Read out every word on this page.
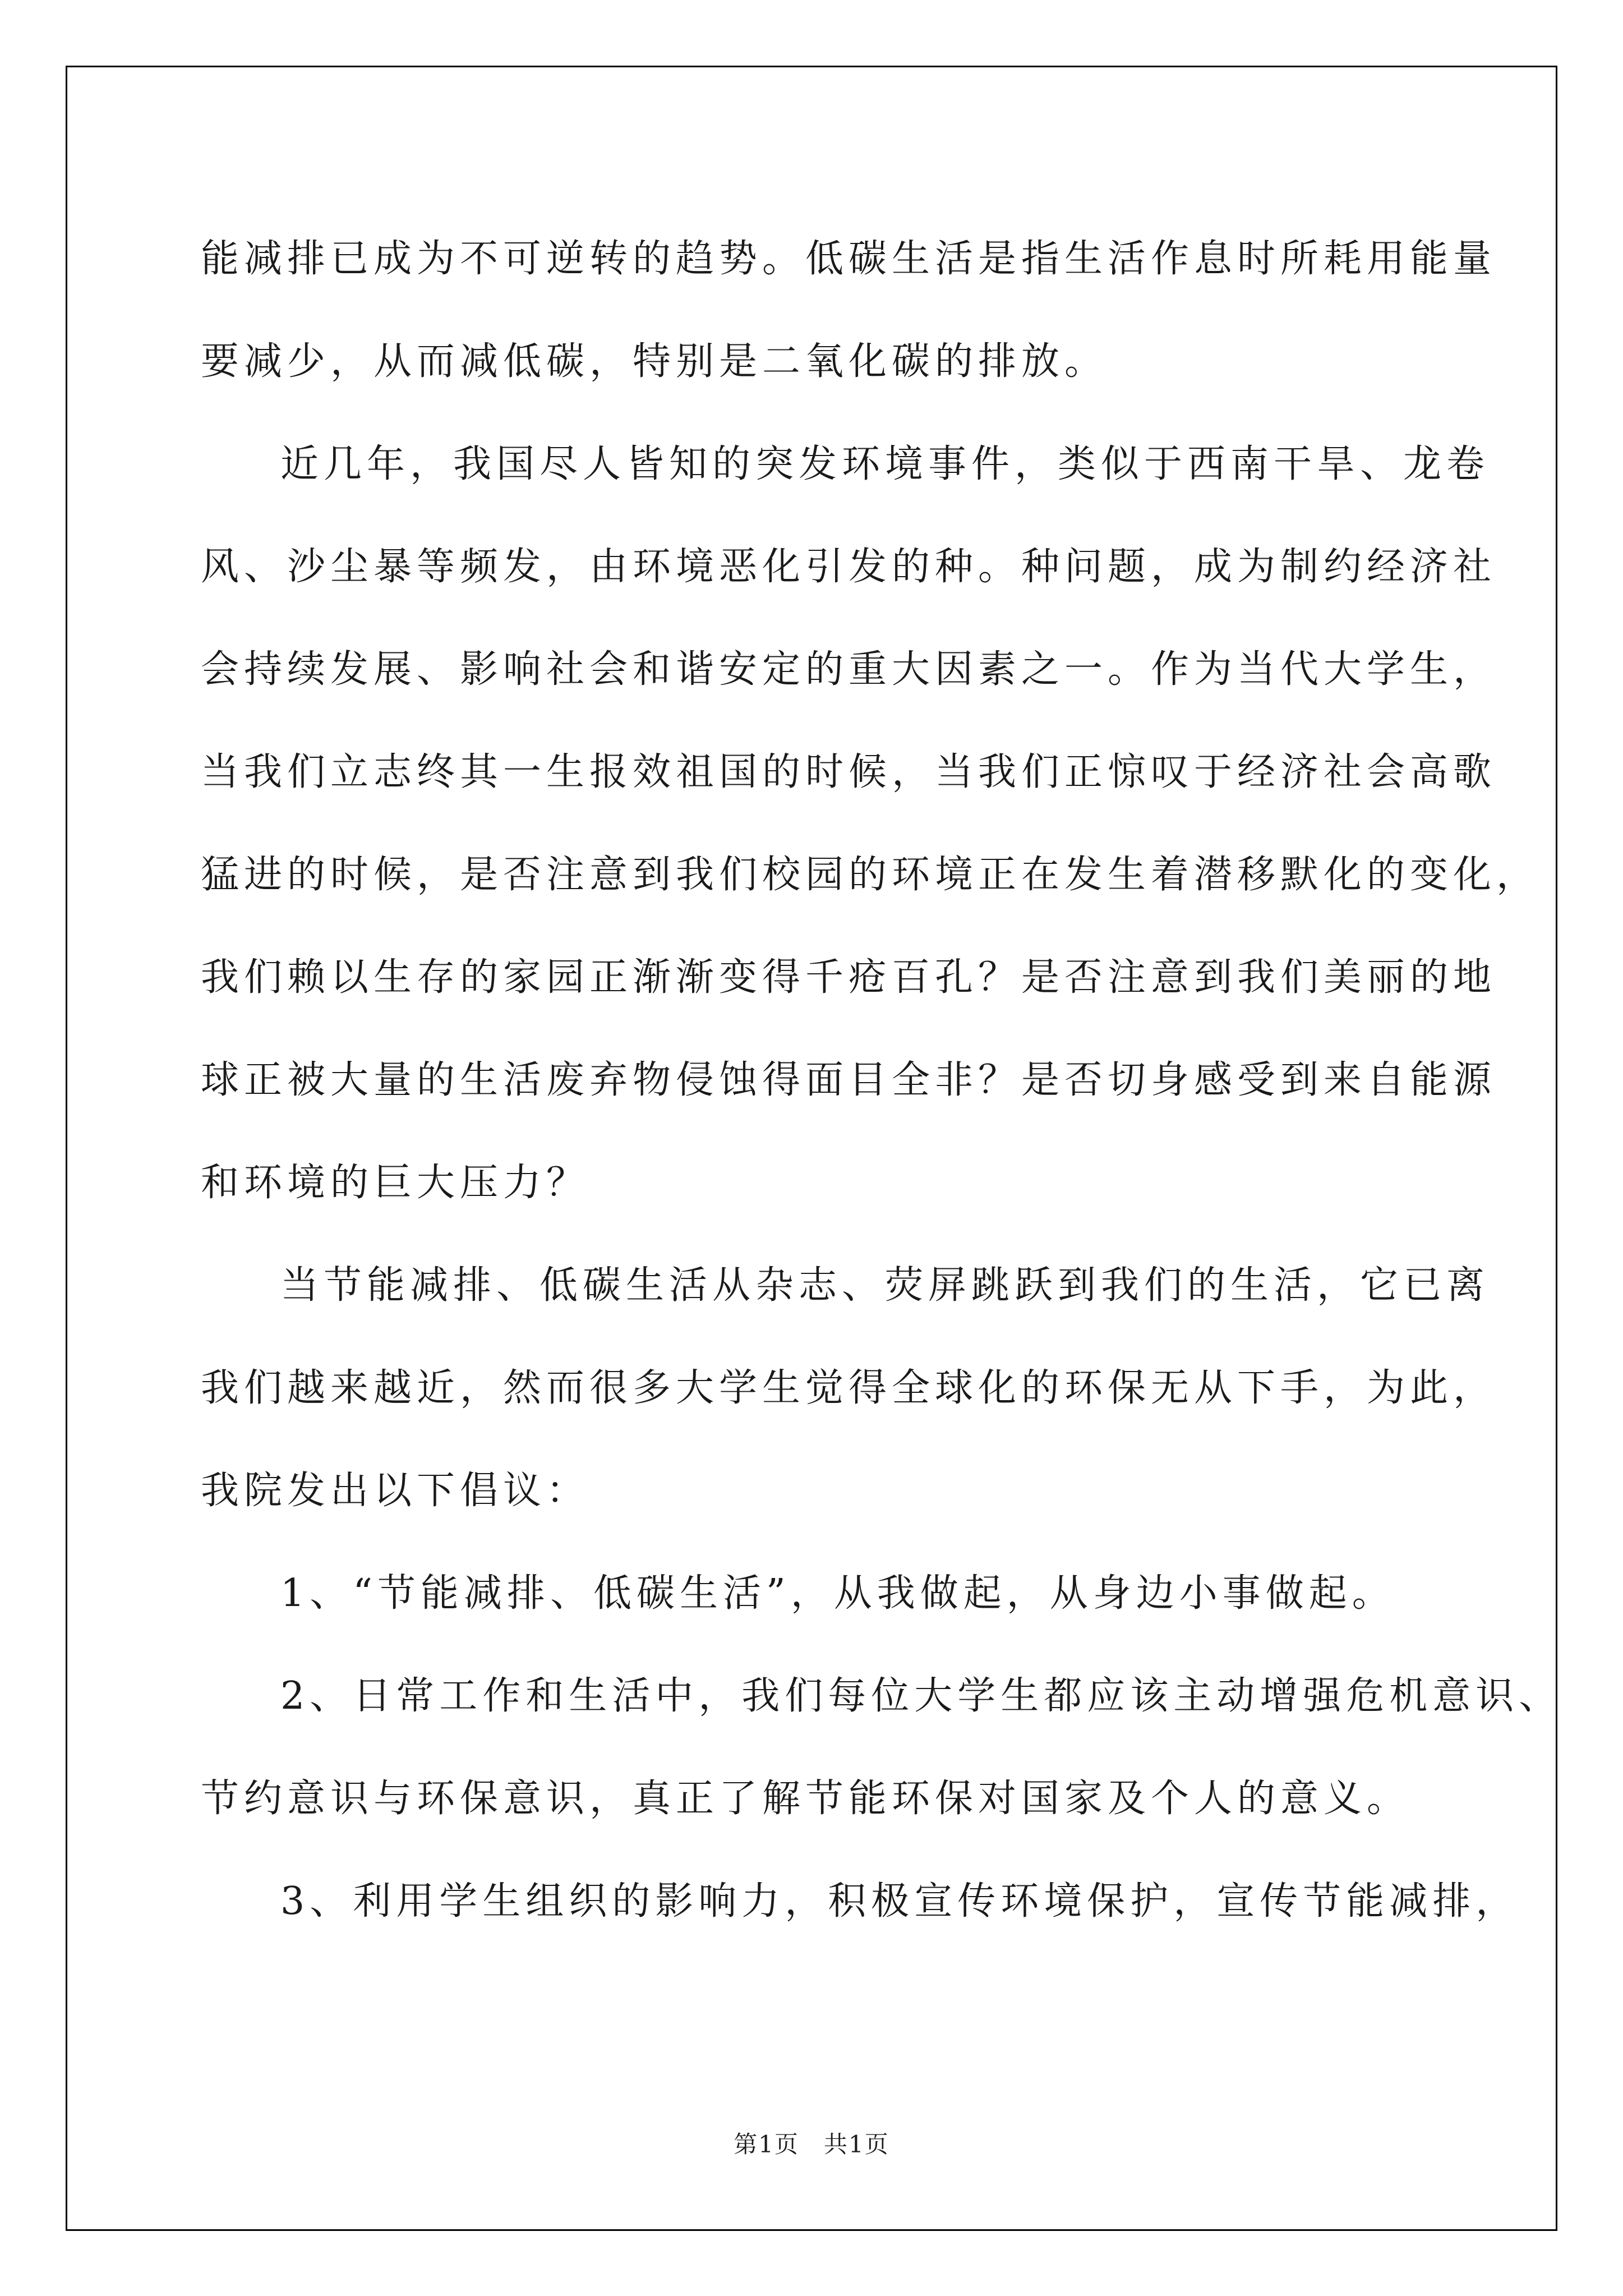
能减排已成为不可逆转的趋势。低碳生活是指生活作息时所耗用能量
要减少，从而减低碳，特别是二氧化碳的排放。
近几年，我国尽人皆知的突发环境事件，类似于西南干旱、龙卷
风、沙尘暴等频发，由环境恶化引发的种。种问题，成为制约经济社
会持续发展、影响社会和谐安定的重大因素之一。作为当代大学生，
当我们立志终其一生报效祖国的时候，当我们正惊叹于经济社会高歌
猛进的时候，是否注意到我们校园的环境正在发生着潜移默化的变化，
我们赖以生存的家园正渐渐变得千疮百孔？是否注意到我们美丽的地
球正被大量的生活废弃物侵蚀得面目全非？是否切身感受到来自能源
和环境的巨大压力？
当节能减排、低碳生活从杂志、荧屏跳跃到我们的生活，它已离
我们越来越近，然而很多大学生觉得全球化的环保无从下手，为此，
我院发出以下倡议：
1、“节能减排、低碳生活”，从我做起，从身边小事做起。
2、日常工作和生活中，我们每位大学生都应该主动增强危机意识、
节约意识与环保意识，真正了解节能环保对国家及个人的意义。
3、利用学生组织的影响力，积极宣传环境保护，宣传节能减排，
第1页　共1页
